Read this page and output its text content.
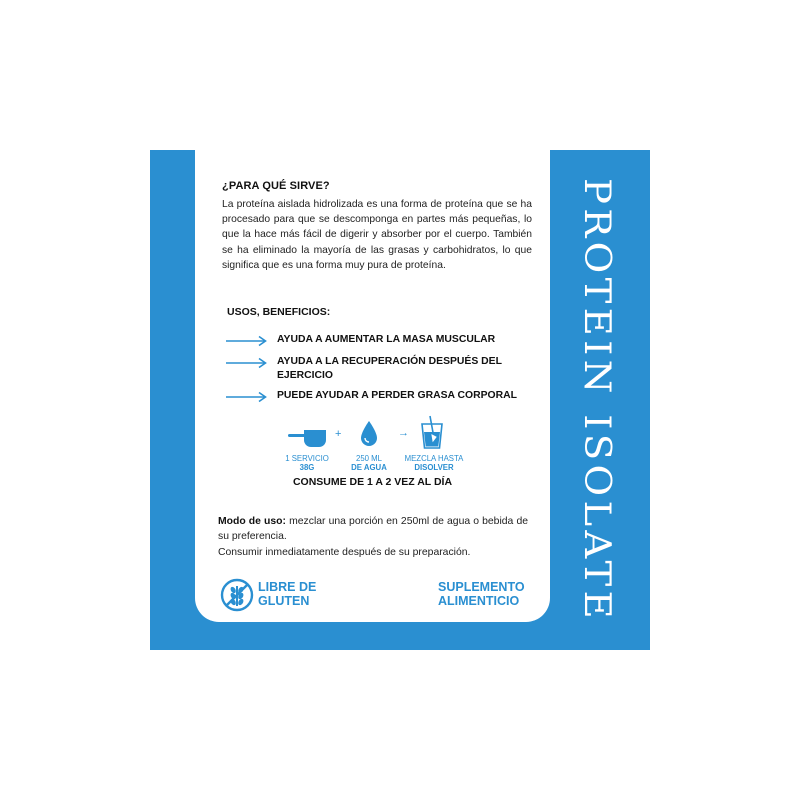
PROTEIN ISOLATE
¿PARA QUÉ SIRVE?
La proteína aislada hidrolizada es una forma de proteína que se ha procesado para que se descomponga en partes más pequeñas, lo que la hace más fácil de digerir y absorber por el cuerpo. También se ha eliminado la mayoría de las grasas y carbohidratos, lo que significa que es una forma muy pura de proteína.
USOS, BENEFICIOS:
AYUDA A AUMENTAR LA MASA MUSCULAR
AYUDA A LA RECUPERACIÓN DESPUÉS DEL EJERCICIO
PUEDE AYUDAR A PERDER GRASA CORPORAL
+	→
1 SERVICIO
38G
250 ML
DE AGUA
MEZCLA HASTA
DISOLVER
CONSUME DE 1 A 2 VEZ AL DÍA
Modo de uso: mezclar una porción en 250ml de agua o bebida de su preferencia.
Consumir inmediatamente después de su preparación.
LIBRE DE
GLUTEN
SUPLEMENTO
ALIMENTICIO
